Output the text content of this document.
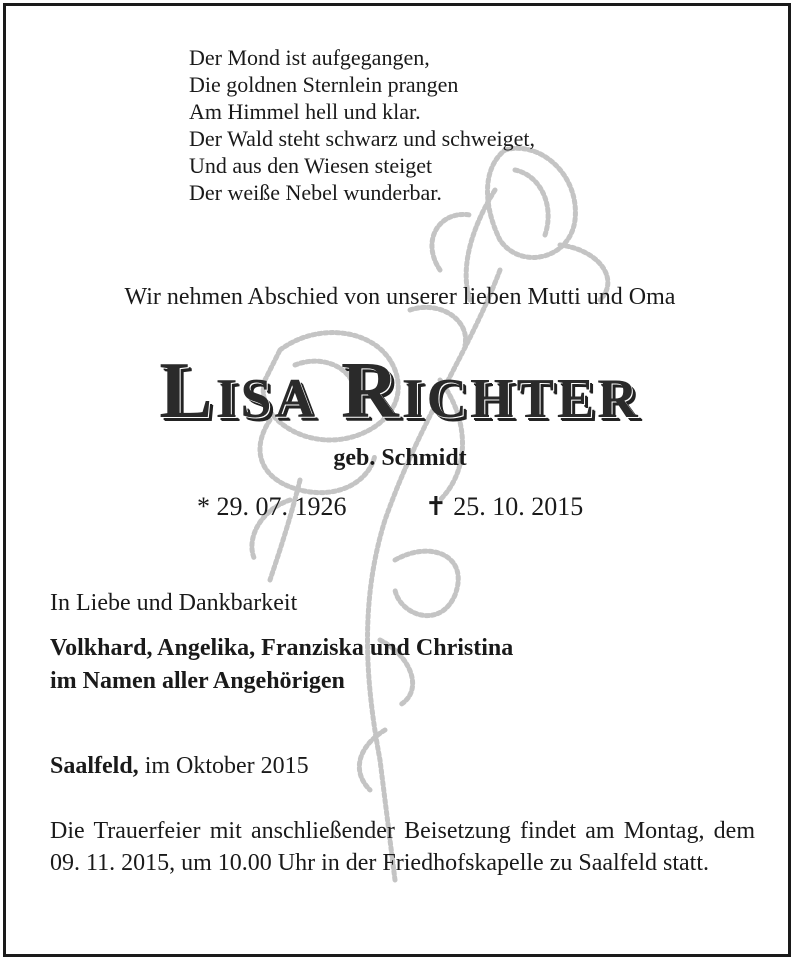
Der Mond ist aufgegangen,
Die goldnen Sternlein prangen
Am Himmel hell und klar.
Der Wald steht schwarz und schweiget,
Und aus den Wiesen steiget
Der weiße Nebel wunderbar.
Wir nehmen Abschied von unserer lieben Mutti und Oma
Lisa Richter
geb. Schmidt
* 29. 07. 1926	✝ 25. 10. 2015
In Liebe und Dankbarkeit
Volkhard, Angelika, Franziska und Christina
im Namen aller Angehörigen
Saalfeld, im Oktober 2015
Die Trauerfeier mit anschließender Beisetzung findet am Montag, dem 09. 11. 2015, um 10.00 Uhr in der Friedhofskapelle zu Saalfeld statt.
